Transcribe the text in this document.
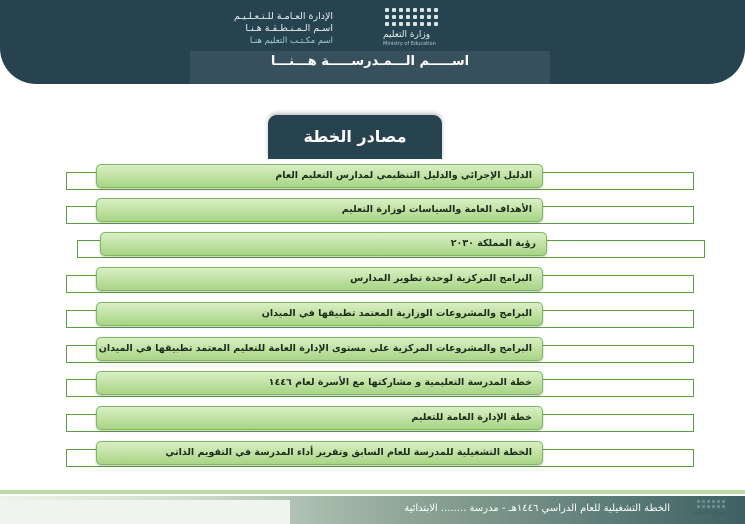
وزارة التعليم
Ministry of Education
الإدارة العـامـة للـتـعـلـيـم
اسـم الـمـنـطـقـة هـنـا
اسم مكـتـب التعليم هنـا
اســـــم الـــمـدرســـــة هـــنـــا
مصادر الخطة
الدليل الإجرائي والدليل التنظيمي لمدارس التعليم العام
الأهداف العامة والسياسات لوزارة التعليم
رؤية المملكة ٢٠٣٠
البرامج المركزية لوحدة تطوير المدارس
البرامج والمشروعات الوزارية المعتمد تطبيقها في الميدان
البرامج والمشروعات المركزية على مستوى الإدارة العامة للتعليم المعتمد تطبيقها في الميدان
خطة المدرسة التعليمية و مشاركتها مع الأسرة لعام ١٤٤٦
خطة الإدارة العامة للتعليم
الخطة التشغيلية للمدرسة للعام السابق وتقرير أداء المدرسة في التقويم الذاتي
الخطة التشغيلية للعام الدراسي ١٤٤٦هـ - مدرسة ........ الابتدائية	وزارة التعليم
